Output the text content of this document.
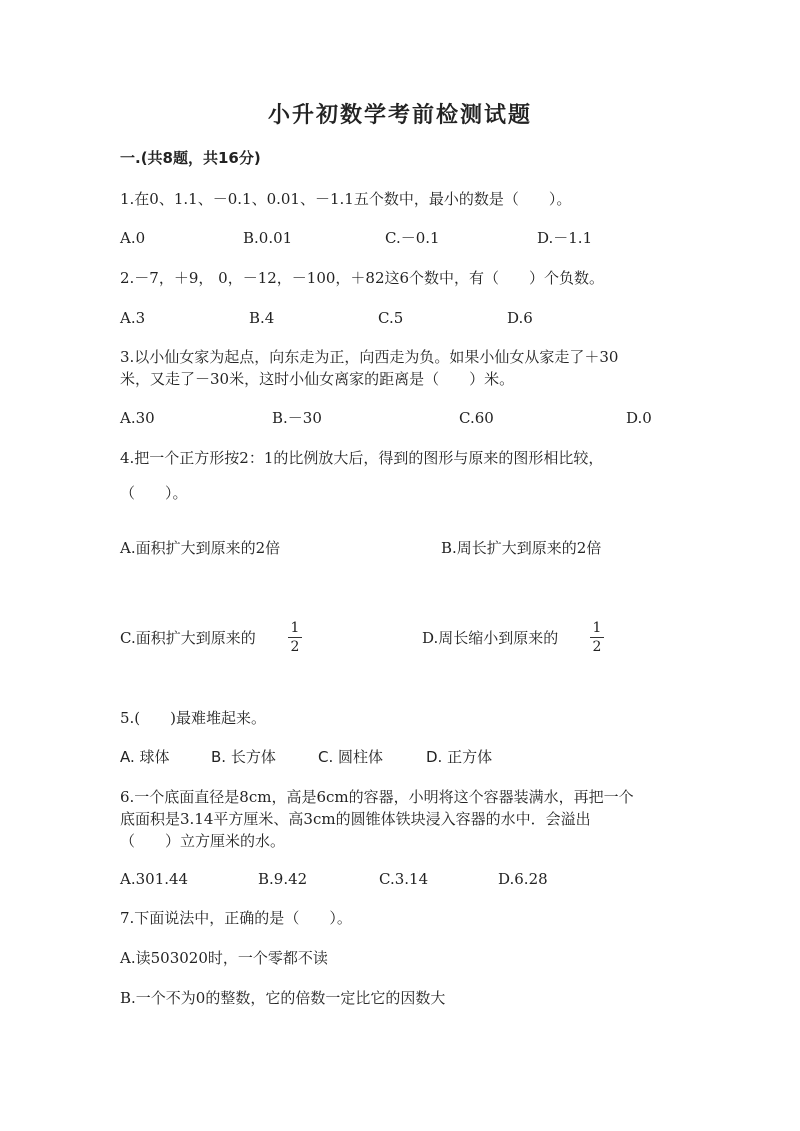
小升初数学考前检测试题
一.(共8题，共16分)
1.在0、1.1、－0.1、0.01、－1.1五个数中，最小的数是（　　）。
A.0	B.0.01	C.－0.1	D.－1.1
2.－7，＋9， 0，－12，－100，＋82这6个数中，有（　　）个负数。
A.3	B.4	C.5	D.6
3.以小仙女家为起点，向东走为正，向西走为负。如果小仙女从家走了＋30
米，又走了－30米，这时小仙女离家的距离是（　　）米。
A.30	B.－30	C.60	D.0
4.把一个正方形按2：1的比例放大后，得到的图形与原来的图形相比较，
（　　）。
A.面积扩大到原来的2倍	B.周长扩大到原来的2倍
C.面积扩大到原来的
1
2	D.周长缩小到原来的
1
2
5.(　　)最难堆起来。
A. 球体	B. 长方体	C. 圆柱体	D. 正方体
6.一个底面直径是8cm，高是6cm的容器，小明将这个容器装满水，再把一个
底面积是3.14平方厘米、高3cm的圆锥体铁块浸入容器的水中．会溢出
（　　）立方厘米的水。
A.301.44	B.9.42	C.3.14	D.6.28
7.下面说法中，正确的是（　　）。
A.读503020时，一个零都不读
B.一个不为0的整数，它的倍数一定比它的因数大
